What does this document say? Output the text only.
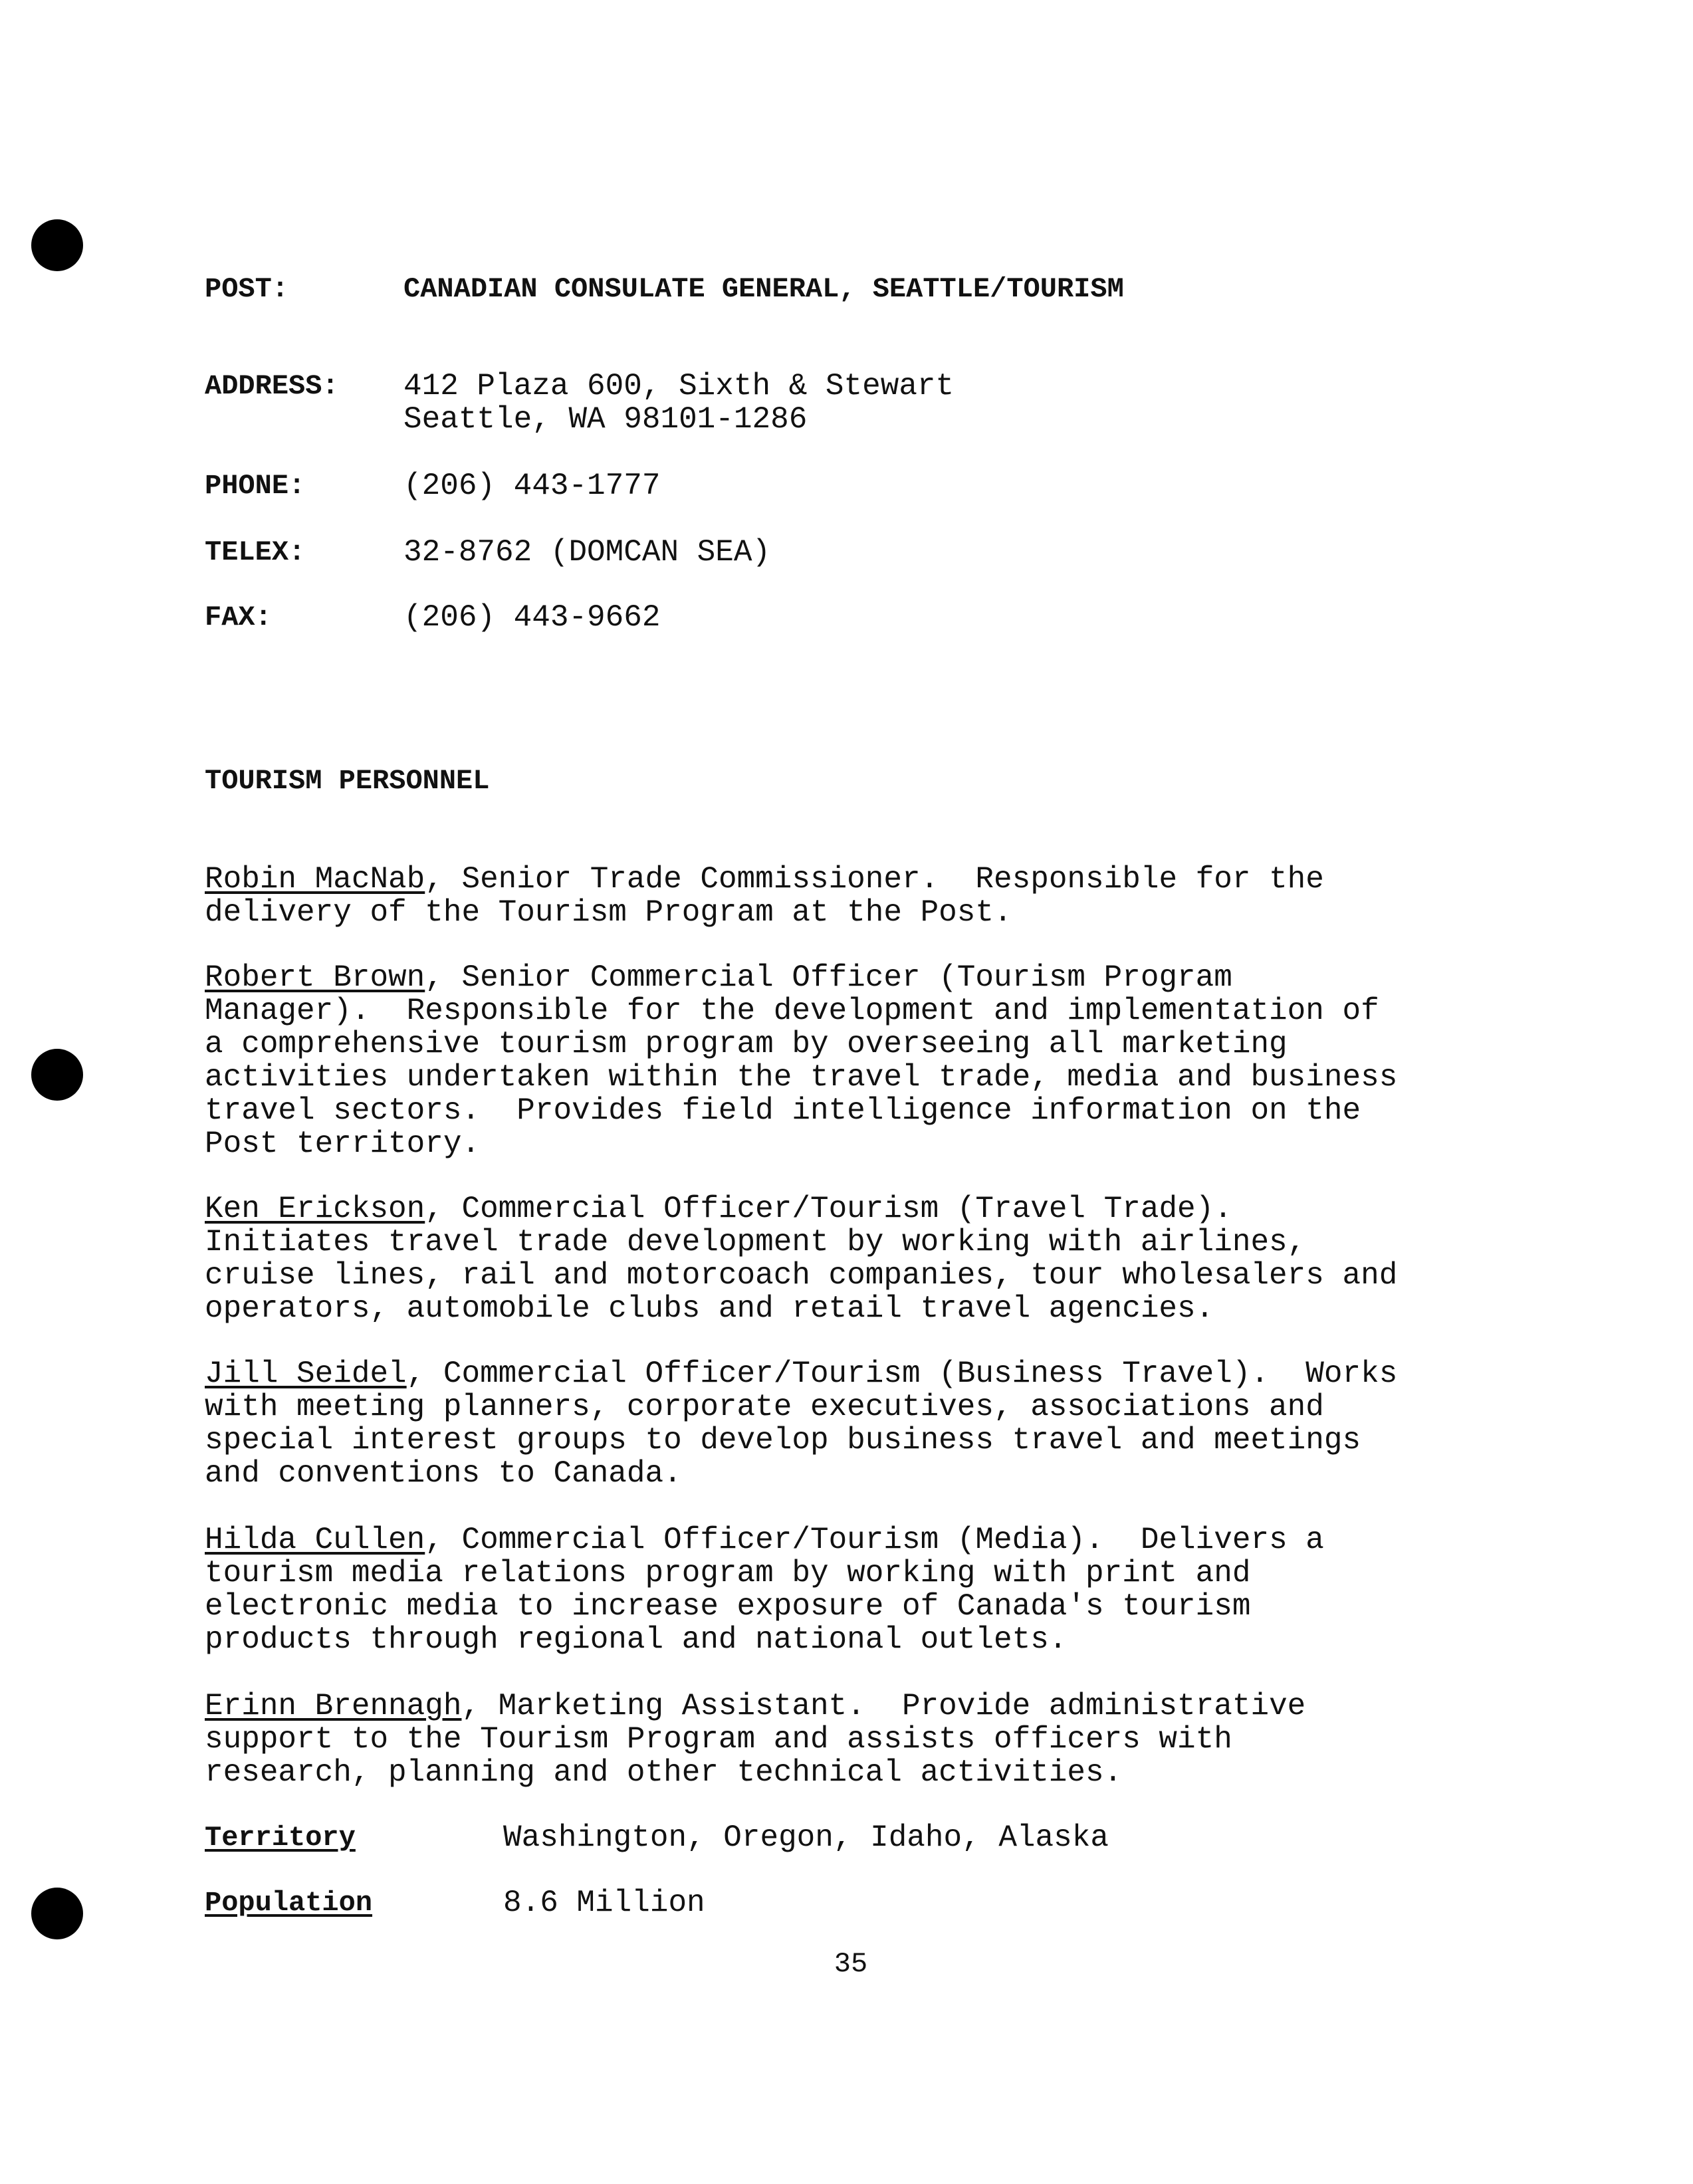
POST:	CANADIAN CONSULATE GENERAL, SEATTLE/TOURISM
ADDRESS: 412 Plaza 600, Sixth & Stewart
Seattle, WA 98101-1286
PHONE:	(206) 443-1777
TELEX:	32-8762 (DOMCAN SEA)
FAX:	(206) 443-9662
TOURISM PERSONNEL
Robin MacNab, Senior Trade Commissioner.  Responsible for the
delivery of the Tourism Program at the Post.
Robert Brown, Senior Commercial Officer (Tourism Program
Manager).  Responsible for the development and implementation of
a comprehensive tourism program by overseeing all marketing
activities undertaken within the travel trade, media and business
travel sectors.  Provides field intelligence information on the
Post territory.
Ken Erickson, Commercial Officer/Tourism (Travel Trade).
Initiates travel trade development by working with airlines,
cruise lines, rail and motorcoach companies, tour wholesalers and
operators, automobile clubs and retail travel agencies.
Jill Seidel, Commercial Officer/Tourism (Business Travel).  Works
with meeting planners, corporate executives, associations and
special interest groups to develop business travel and meetings
and conventions to Canada.
Hilda Cullen, Commercial Officer/Tourism (Media).  Delivers a
tourism media relations program by working with print and
electronic media to increase exposure of Canada's tourism
products through regional and national outlets.
Erinn Brennagh, Marketing Assistant.  Provide administrative
support to the Tourism Program and assists officers with
research, planning and other technical activities.
Territory	Washington, Oregon, Idaho, Alaska
Population	8.6 Million
35
